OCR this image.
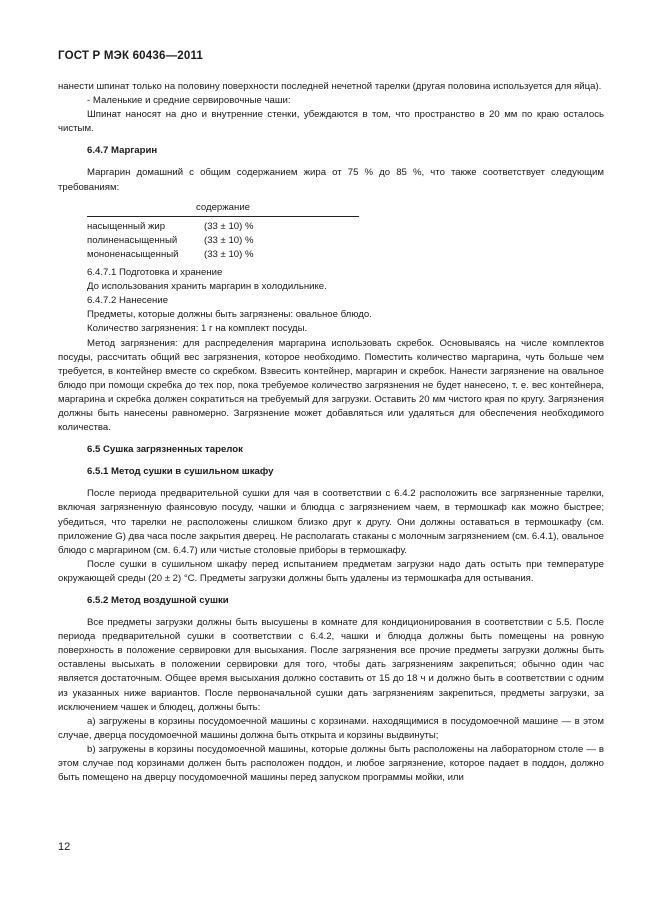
ГОСТ Р МЭК 60436—2011

нанести шпинат только на половину поверхности последней нечетной тарелки (другая половина используется для яйца).

- Маленькие и средние сервировочные чаши:

Шпинат наносят на дно и внутренние стенки, убеждаются в том, что пространство в 20 мм по краю осталось чистым.

6.4.7 Маргарин

Маргарин домашний с общим содержанием жира от 75 % до 85 %, что также соответствует следующим требованиям:

содержание
насыщенный жир	(33 ± 10) %
полиненасыщенный	(33 ± 10) %
мононенасыщенный	(33 ± 10) %

6.4.7.1 Подготовка и хранение

До использования хранить маргарин в холодильнике.

6.4.7.2 Нанесение

Предметы, которые должны быть загрязнены: овальное блюдо.

Количество загрязнения: 1 г на комплект посуды.

Метод загрязнения: для распределения маргарина использовать скребок. Основываясь на числе комплектов посуды, рассчитать общий вес загрязнения, которое необходимо. Поместить количество маргарина, чуть больше чем требуется, в контейнер вместе со скребком. Взвесить контейнер, маргарин и скребок. Нанести загрязнение на овальное блюдо при помощи скребка до тех пор, пока требуемое количество загрязнения не будет нанесено, т. е. вес контейнера, маргарина и скребка должен сократиться на требуемый для загрузки. Оставить 20 мм чистого края по кругу. Загрязнения должны быть нанесены равномерно. Загрязнение может добавляться или удаляться для обеспечения необходимого количества.

6.5 Сушка загрязненных тарелок

6.5.1 Метод сушки в сушильном шкафу

После периода предварительной сушки для чая в соответствии с 6.4.2 расположить все загрязненные тарелки, включая загрязненную фаянсовую посуду, чашки и блюдца с загрязнением чаем, в термошкаф как можно быстрее; убедиться, что тарелки не расположены слишком близко друг к другу. Они должны оставаться в термошкафу (см. приложение G) два часа после закрытия дверец. Не располагать стаканы с молочным загрязнением (см. 6.4.1), овальное блюдо с маргарином (см. 6.4.7) или чистые столовые приборы в термошкафу.

После сушки в сушильном шкафу перед испытанием предметам загрузки надо дать остыть при температуре окружающей среды (20 ± 2) °С. Предметы загрузки должны быть удалены из термошкафа для остывания.

6.5.2 Метод воздушной сушки

Все предметы загрузки должны быть высушены в комнате для кондиционирования в соответствии с 5.5. После периода предварительной сушки в соответствии с 6.4.2, чашки и блюдца должны быть помещены на ровную поверхность в положение сервировки для высыхания. После загрязнения все прочие предметы загрузки должны быть оставлены высыхать в положении сервировки для того, чтобы дать загрязнениям закрепиться; обычно один час является достаточным. Общее время высыхания должно составить от 15 до 18 ч и должно быть в соответствии с одним из указанных ниже вариантов. После первоначальной сушки дать загрязнениям закрепиться, предметы загрузки, за исключением чашек и блюдец, должны быть:

а) загружены в корзины посудомоечной машины с корзинами. находящимися в посудомоечной машине — в этом случае, дверца посудомоечной машины должна быть открыта и корзины выдвинуты;

b) загружены в корзины посудомоечной машины, которые должны быть расположены на лабораторном столе — в этом случае под корзинами должен быть расположен поддон, и любое загрязнение, которое падает в поддон, должно быть помещено на дверцу посудомоечной машины перед запуском программы мойки, или

12
